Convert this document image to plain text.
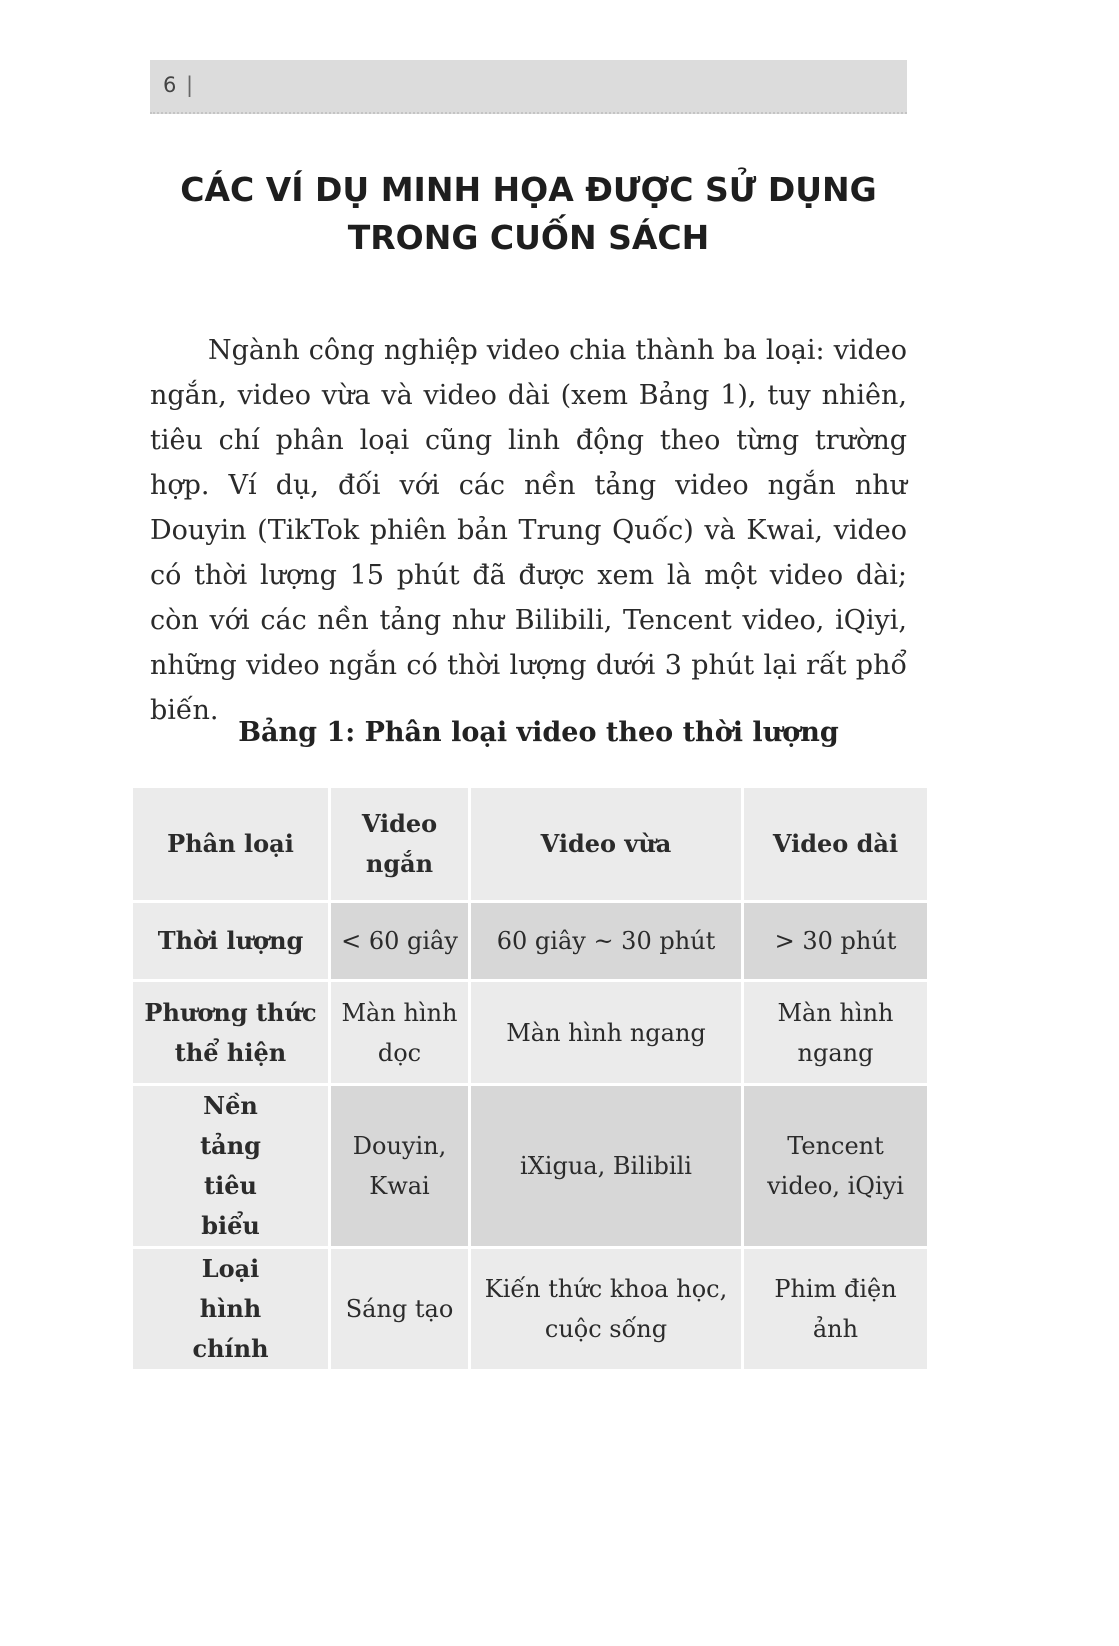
6 |
CÁC VÍ DỤ MINH HỌA ĐƯỢC SỬ DỤNG
TRONG CUỐN SÁCH

Ngành công nghiệp video chia thành ba loại: video ngắn, video vừa và video dài (xem Bảng 1), tuy nhiên, tiêu chí phân loại cũng linh động theo từng trường hợp. Ví dụ, đối với các nền tảng video ngắn như Douyin (TikTok phiên bản Trung Quốc) và Kwai, video có thời lượng 15 phút đã được xem là một video dài; còn với các nền tảng như Bilibili, Tencent video, iQiyi, những video ngắn có thời lượng dưới 3 phút lại rất phổ biến.

Bảng 1: Phân loại video theo thời lượng

Phân loại	Video ngắn	Video vừa	Video dài
Thời lượng	< 60 giây	60 giây ~ 30 phút	> 30 phút
Phương thức thể hiện	Màn hình dọc	Màn hình ngang	Màn hình ngang
Nền tảng tiêu biểu	Douyin, Kwai	iXigua, Bilibili	Tencent video, iQiyi
Loại hình chính	Sáng tạo	Kiến thức khoa học, cuộc sống	Phim điện ảnh
